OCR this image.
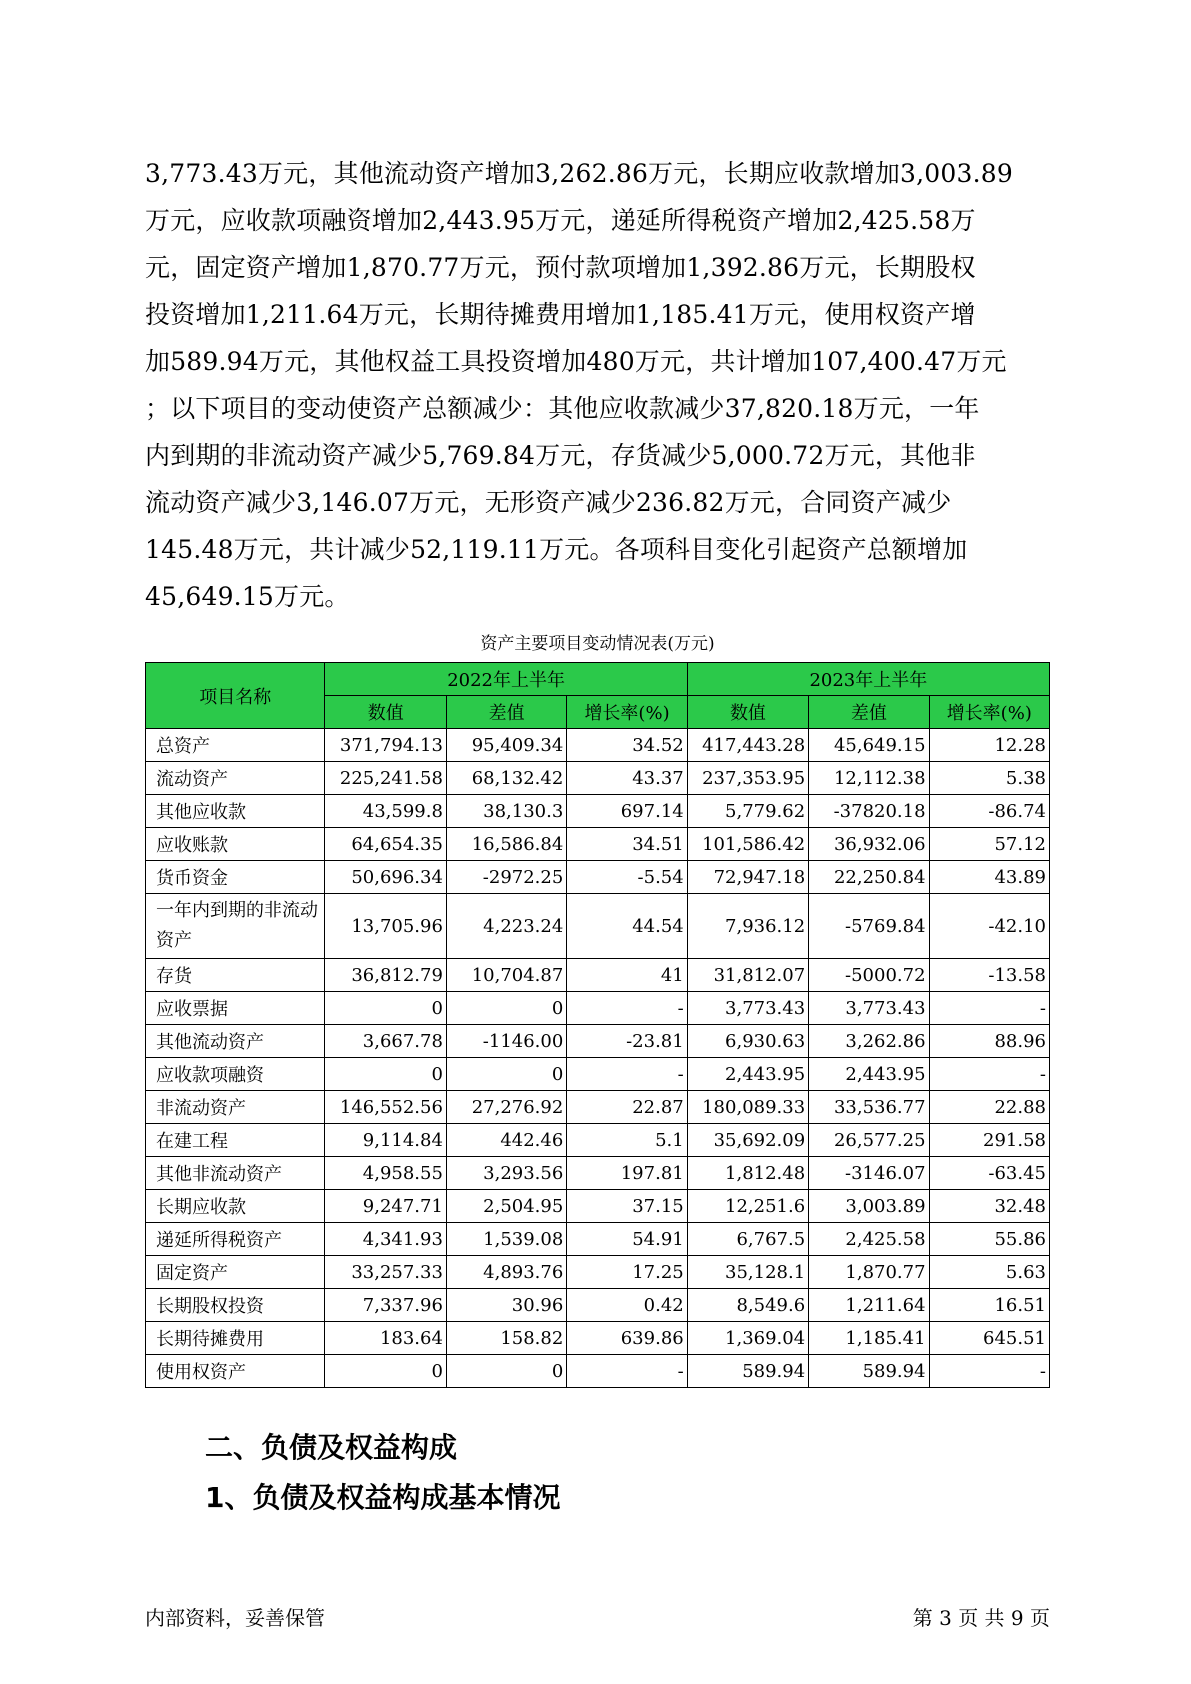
3,773.43万元，其他流动资产增加3,262.86万元，长期应收款增加3,003.89
万元，应收款项融资增加2,443.95万元，递延所得税资产增加2,425.58万
元，固定资产增加1,870.77万元，预付款项增加1,392.86万元，长期股权
投资增加1,211.64万元，长期待摊费用增加1,185.41万元，使用权资产增
加589.94万元，其他权益工具投资增加480万元，共计增加107,400.47万元
；以下项目的变动使资产总额减少：其他应收款减少37,820.18万元，一年
内到期的非流动资产减少5,769.84万元，存货减少5,000.72万元，其他非
流动资产减少3,146.07万元，无形资产减少236.82万元，合同资产减少
145.48万元，共计减少52,119.11万元。各项科目变化引起资产总额增加
45,649.15万元。

资产主要项目变动情况表(万元)
项目名称	2022年上半年			2023年上半年		
	数值	差值	增长率(%)	数值	差值	增长率(%)
总资产	371,794.13	95,409.34	34.52	417,443.28	45,649.15	12.28
流动资产	225,241.58	68,132.42	43.37	237,353.95	12,112.38	5.38
其他应收款	43,599.8	38,130.3	697.14	5,779.62	-37820.18	-86.74
应收账款	64,654.35	16,586.84	34.51	101,586.42	36,932.06	57.12
货币资金	50,696.34	-2972.25	-5.54	72,947.18	22,250.84	43.89

一年内到期的非流动资产	13,705.96	4,223.24	44.54	7,936.12	-5769.84	-42.10
存货	36,812.79	10,704.87	41	31,812.07	-5000.72	-13.58
应收票据	0	0	-	3,773.43	3,773.43	-
其他流动资产	3,667.78	-1146.00	-23.81	6,930.63	3,262.86	88.96
应收款项融资	0	0	-	2,443.95	2,443.95	-
非流动资产	146,552.56	27,276.92	22.87	180,089.33	33,536.77	22.88
在建工程	9,114.84	442.46	5.1	35,692.09	26,577.25	291.58
其他非流动资产	4,958.55	3,293.56	197.81	1,812.48	-3146.07	-63.45
长期应收款	9,247.71	2,504.95	37.15	12,251.6	3,003.89	32.48
递延所得税资产	4,341.93	1,539.08	54.91	6,767.5	2,425.58	55.86
固定资产	33,257.33	4,893.76	17.25	35,128.1	1,870.77	5.63
长期股权投资	7,337.96	30.96	0.42	8,549.6	1,211.64	16.51
长期待摊费用	183.64	158.82	639.86	1,369.04	1,185.41	645.51
使用权资产	0	0	-	589.94	589.94	-
二、负债及权益构成
1、负债及权益构成基本情况
内部资料，妥善保管	第 3 页 共 9 页
